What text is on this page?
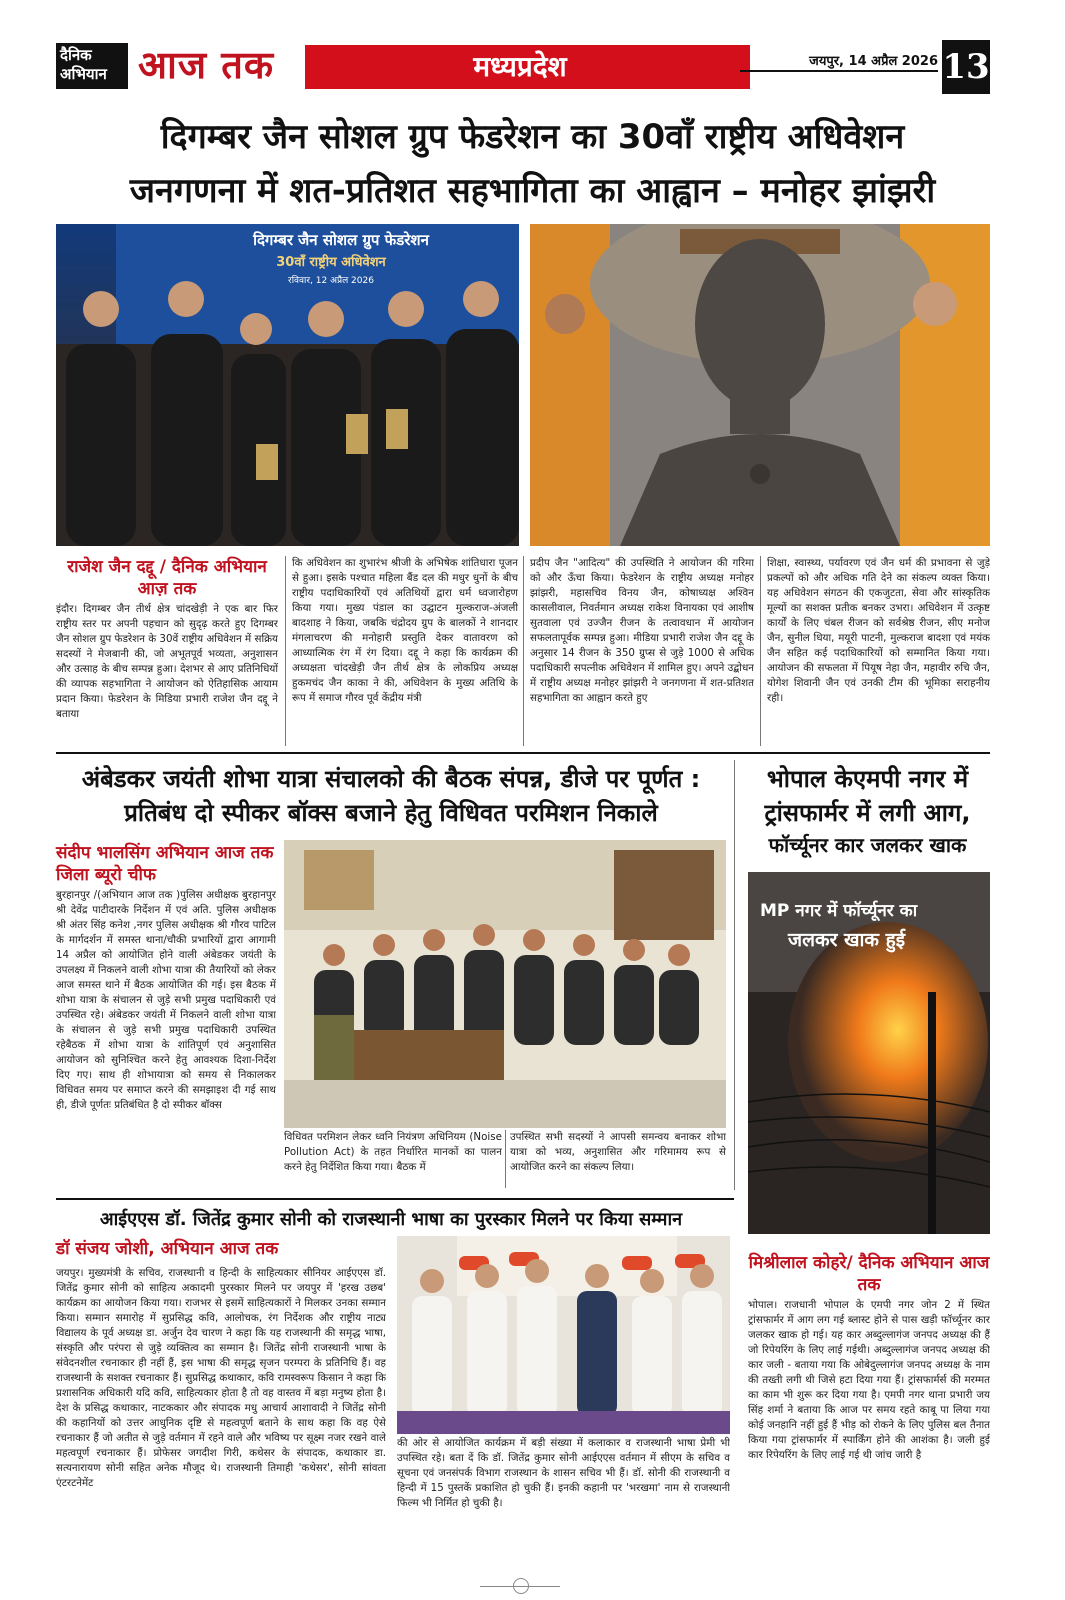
दैनिक
अभियान आज तक	मध्यप्रदेश	जयपुर, 14 अप्रैल 2026 13
दिगम्बर जैन सोशल ग्रुप फेडरेशन का 30वाँ राष्ट्रीय अधिवेशन
जनगणना में शत-प्रतिशत सहभागिता का आह्वान – मनोहर झांझरी
दिगम्बर जैन सोशल ग्रुप फेडरेशन
30वाँ राष्ट्रीय अधिवेशन
रविवार, 12 अप्रैल 2026
राजेश जैन दद्दू / दैनिक अभियान आज़ तक
इंदौर। दिगम्बर जैन तीर्थ क्षेत्र चांदखेड़ी ने एक बार फिर राष्ट्रीय स्तर पर अपनी पहचान को सुदृढ़ करते हुए दिगम्बर जैन सोशल ग्रुप फेडरेशन के 30वें राष्ट्रीय अधिवेशन में सक्रिय सदस्यों ने मेजबानी की, जो अभूतपूर्व भव्यता, अनुशासन और उत्साह के बीच सम्पन्न हुआ। देशभर से आए प्रतिनिधियों की व्यापक सहभागिता ने आयोजन को ऐतिहासिक आयाम प्रदान किया। फेडरेशन के मिडिया प्रभारी राजेश जैन दद्दू ने बताया
कि अधिवेशन का शुभारंभ श्रीजी के अभिषेक शांतिधारा पूजन से हुआ। इसके पश्चात महिला बैंड दल की मधुर धुनों के बीच राष्ट्रीय पदाधिकारियों एवं अतिथियों द्वारा धर्म ध्वजारोहण किया गया। मुख्य पंडाल का उद्घाटन मुल्कराज-अंजली बादशाह ने किया, जबकि चंद्रोदय ग्रुप के बालकों ने शानदार मंगलाचरण की मनोहारी प्रस्तुति देकर वातावरण को आध्यात्मिक रंग में रंग दिया। दद्दू ने कहा कि कार्यक्रम की अध्यक्षता चांदखेड़ी जैन तीर्थ क्षेत्र के लोकप्रिय अध्यक्ष हुकमचंद जैन काका ने की, अधिवेशन के मुख्य अतिथि के रूप में समाज गौरव पूर्व केंद्रीय मंत्री
प्रदीप जैन "आदित्य" की उपस्थिति ने आयोजन की गरिमा को और ऊँचा किया। फेडरेशन के राष्ट्रीय अध्यक्ष मनोहर झांझरी, महासचिव विनय जैन, कोषाध्यक्ष अश्विन कासलीवाल, निवर्तमान अध्यक्ष राकेश विनायका एवं आशीष सुतवाला एवं उज्जैन रीजन के तत्वावधान में आयोजन सफलतापूर्वक सम्पन्न हुआ। मीडिया प्रभारी राजेश जैन दद्दू के अनुसार 14 रीजन के 350 ग्रुप्स से जुड़े 1000 से अधिक पदाधिकारी सपत्नीक अधिवेशन में शामिल हुए। अपने उद्बोधन में राष्ट्रीय अध्यक्ष मनोहर झांझरी ने जनगणना में शत-प्रतिशत सहभागिता का आह्वान करते हुए
शिक्षा, स्वास्थ्य, पर्यावरण एवं जैन धर्म की प्रभावना से जुड़े प्रकल्पों को और अधिक गति देने का संकल्प व्यक्त किया। यह अधिवेशन संगठन की एकजुटता, सेवा और सांस्कृतिक मूल्यों का सशक्त प्रतीक बनकर उभरा। अधिवेशन में उत्कृष्ट कार्यों के लिए चंबल रीजन को सर्वश्रेष्ठ रीजन, सीए मनोज जैन, सुनील धिया, मयूरी पाटनी, मुल्कराज बादशा एवं मयंक जैन सहित कई पदाधिकारियों को सम्मानित किया गया। आयोजन की सफलता में पियूष नेहा जैन, महावीर रुचि जैन, योगेश शिवानी जैन एवं उनकी टीम की भूमिका सराहनीय रही।
अंबेडकर जयंती शोभा यात्रा संचालको की बैठक संपन्न, डीजे पर पूर्णत : प्रतिबंध दो स्पीकर बॉक्स बजाने हेतु विधिवत परमिशन निकाले
संदीप भालसिंग अभियान आज तक जिला ब्यूरो चीफ
बुरहानपुर /(अभियान आज तक )पुलिस अधीक्षक बुरहानपुर श्री देवेंद्र पाटीदारके निर्देशन में एवं अति. पुलिस अधीक्षक श्री अंतर सिंह कनेश ,नगर पुलिस अधीक्षक श्री गौरव पाटिल के मार्गदर्शन में समस्त थाना/चौकी प्रभारियों द्वारा आगामी 14 अप्रैल को आयोजित होने वाली अंबेडकर जयंती के उपलक्ष्य में निकलने वाली शोभा यात्रा की तैयारियों को लेकर आज समस्त थाने में बैठक आयोजित की गई। इस बैठक में शोभा यात्रा के संचालन से जुड़े सभी प्रमुख पदाधिकारी एवं उपस्थित रहे। अंबेडकर जयंती में निकलने वाली शोभा यात्रा के संचालन से जुड़े सभी प्रमुख पदाधिकारी उपस्थित रहेबैठक में शोभा यात्रा के शांतिपूर्ण एवं अनुशासित आयोजन को सुनिश्चित करने हेतु आवश्यक दिशा-निर्देश दिए गए। साथ ही शोभायात्रा को समय से निकालकर विधिवत समय पर समाप्त करने की समझाइश दी गई साथ ही, डीजे पूर्णतः प्रतिबंधित है दो स्पीकर बॉक्स
विधिवत परमिशन लेकर ध्वनि नियंत्रण अधिनियम (Noise Pollution Act) के तहत निर्धारित मानकों का पालन करने हेतु निर्देशित किया गया। बैठक में
उपस्थित सभी सदस्यों ने आपसी समन्वय बनाकर शोभा यात्रा को भव्य, अनुशासित और गरिमामय रूप से आयोजित करने का संकल्प लिया।
भोपाल केएमपी नगर में ट्रांसफार्मर में लगी आग,
फॉर्च्यूनर कार जलकर खाक
MP नगर में फॉर्च्यूनर का
जलकर खाक हुई
मिश्रीलाल कोहरे/ दैनिक अभियान आज तक
भोपाल। राजधानी भोपाल के एमपी नगर जोन 2 में स्थित ट्रांसफार्मर में आग लग गई ब्लास्ट होने से पास खड़ी फॉर्च्यूनर कार जलकर खाक हो गई। यह कार अब्दुल्लागंज जनपद अध्यक्ष की हैं जो रिपेयरिंग के लिए लाई गईथी। अब्दुल्लागंज जनपद अध्यक्ष की कार जली - बताया गया कि ओबेदुल्लागंज जनपद अध्यक्ष के नाम की तख्ती लगी थी जिसे हटा दिया गया हैं। ट्रांसफार्मर्स की मरम्मत का काम भी शुरू कर दिया गया है। एमपी नगर थाना प्रभारी जय सिंह शर्मा ने बताया कि आज पर समय रहते काबू पा लिया गया कोई जनहानि नहीं हुई हैं भीड़ को रोकने के लिए पुलिस बल तैनात किया गया ट्रांसफार्मर में स्पार्किंग होने की आशंका है। जली हुई कार रिपेयरिंग के लिए लाई गई थी जांच जारी है
आईएएस डॉ. जितेंद्र कुमार सोनी को राजस्थानी भाषा का पुरस्कार मिलने पर किया सम्मान
डॉ संजय जोशी, अभियान आज तक
जयपुर। मुख्यमंत्री के सचिव, राजस्थानी व हिन्दी के साहित्यकार सीनियर आईएएस डॉ. जितेंद्र कुमार सोनी को साहित्य अकादमी पुरस्कार मिलने पर जयपुर में 'हरख उछब' कार्यक्रम का आयोजन किया गया। राजभर से इसमें साहित्यकारों ने मिलकर उनका सम्मान किया। सम्मान समारोह में सुप्रसिद्ध कवि, आलोचक, रंग निर्देशक और राष्ट्रीय नाट्य विद्यालय के पूर्व अध्यक्ष डा. अर्जुन देव चारण ने कहा कि यह राजस्थानी की समृद्ध भाषा, संस्कृति और परंपरा से जुड़े व्यक्तित्व का सम्मान है। जितेंद्र सोनी राजस्थानी भाषा के संवेदनशील रचनाकार ही नहीं हैं, इस भाषा की समृद्ध सृजन परम्परा के प्रतिनिधि हैं। वह राजस्थानी के सशक्त रचनाकार हैं। सुप्रसिद्ध कथाकार, कवि रामस्वरूप किसान ने कहा कि प्रशासनिक अधिकारी यदि कवि, साहित्यकार होता है तो वह वास्तव में बड़ा मनुष्य होता है। देश के प्रसिद्ध कथाकार, नाटककार और संपादक मधु आचार्य आशावादी ने जितेंद्र सोनी की कहानियों को उत्तर आधुनिक दृष्टि से महत्वपूर्ण बताने के साथ कहा कि वह ऐसे रचनाकार हैं जो अतीत से जुड़े वर्तमान में रहने वाले और भविष्य पर सूक्ष्म नजर रखने वाले महत्वपूर्ण रचनाकार हैं। प्रोफेसर जगदीश गिरी, कथेसर के संपादक, कथाकार डा. सत्यनारायण सोनी सहित अनेक मौजूद थे। राजस्थानी तिमाही 'कथेसर', सोनी सांवता एंटरटनेमेंट
की ओर से आयोजित कार्यक्रम में बड़ी संख्या में कलाकार व राजस्थानी भाषा प्रेमी भी उपस्थित रहे। बता दें कि डॉ. जितेंद्र कुमार सोनी आईएएस वर्तमान में सीएम के सचिव व सूचना एवं जनसंपर्क विभाग राजस्थान के शासन सचिव भी हैं। डॉ. सोनी की राजस्थानी व हिन्दी में 15 पुस्तकें प्रकाशित हो चुकी हैं। इनकी कहानी पर 'भरखमा' नाम से राजस्थानी फिल्म भी निर्मित हो चुकी है।
